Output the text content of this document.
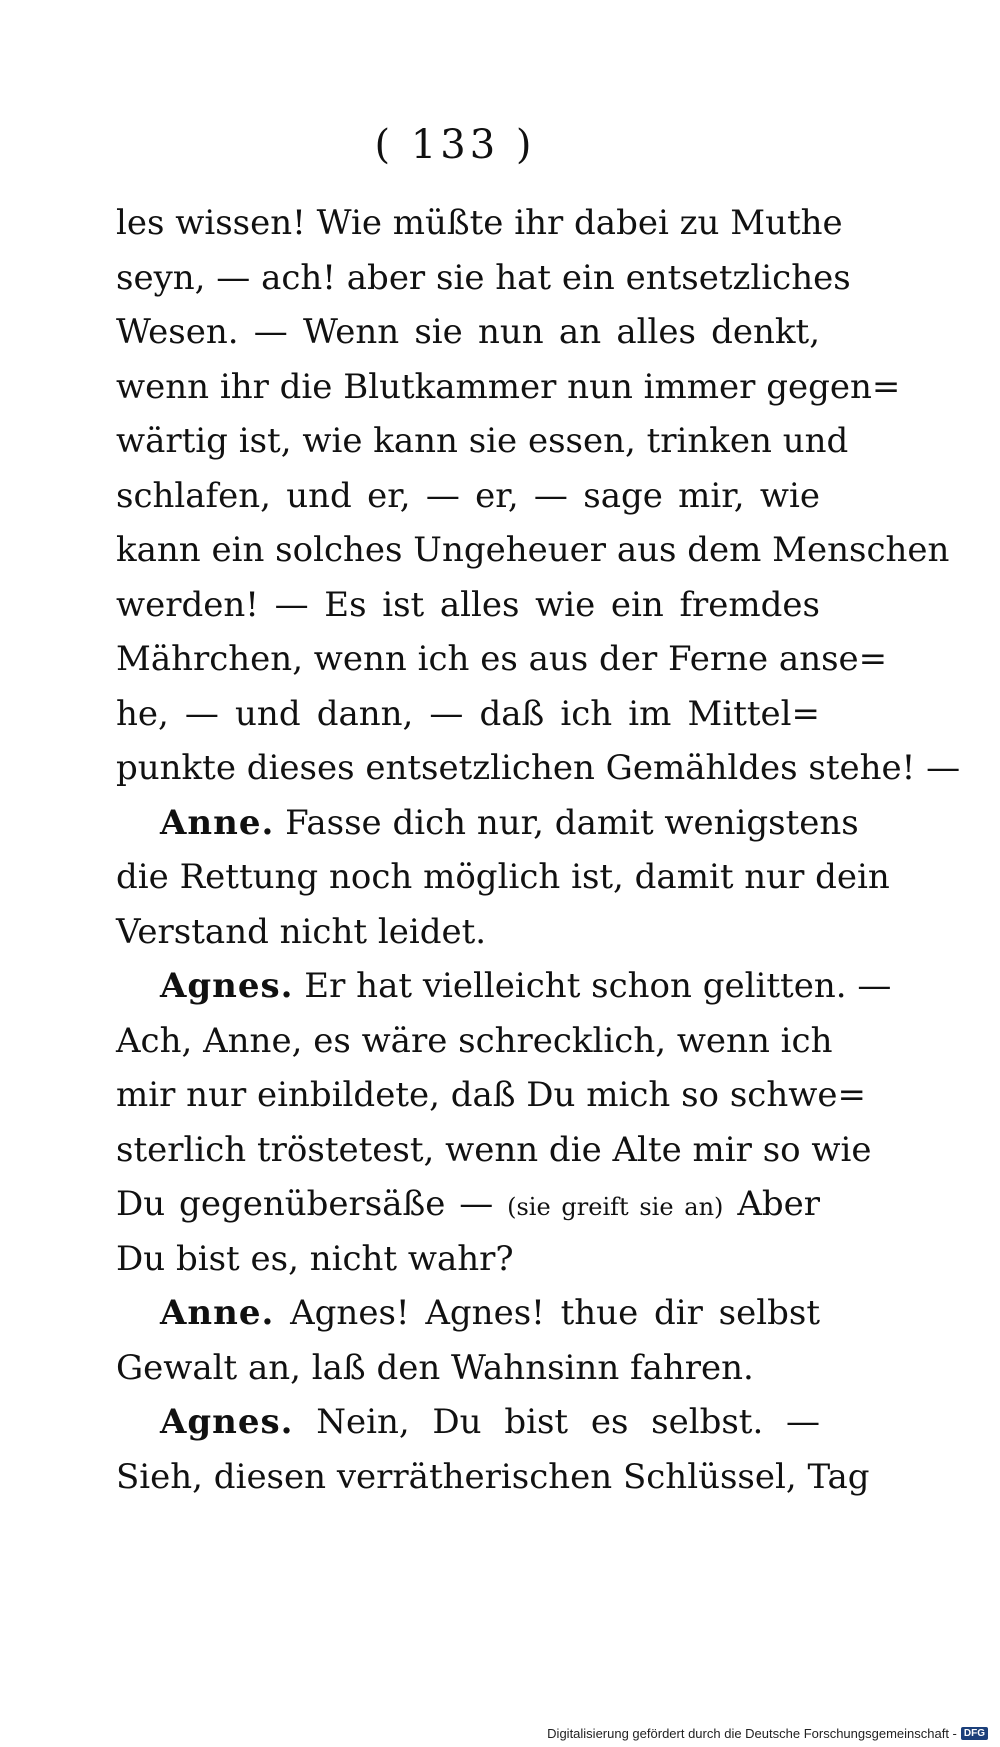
( 133 )
les wissen! Wie müßte ihr dabei zu Muthe
seyn, — ach! aber sie hat ein entsetzliches
Wesen. — Wenn sie nun an alles denkt,
wenn ihr die Blutkammer nun immer gegen=
wärtig ist, wie kann sie essen, trinken und
schlafen, und er, — er, — sage mir, wie
kann ein solches Ungeheuer aus dem Menschen
werden! — Es ist alles wie ein fremdes
Mährchen, wenn ich es aus der Ferne anse=
he, — und dann, — daß ich im Mittel=
punkte dieses entsetzlichen Gemähldes stehe! —
Anne. Fasse dich nur, damit wenigstens
die Rettung noch möglich ist, damit nur dein
Verstand nicht leidet.
Agnes. Er hat vielleicht schon gelitten. —
Ach, Anne, es wäre schrecklich, wenn ich
mir nur einbildete, daß Du mich so schwe=
sterlich tröstetest, wenn die Alte mir so wie
Du gegenübersäße — (sie greift sie an) Aber
Du bist es, nicht wahr?
Anne. Agnes! Agnes! thue dir selbst
Gewalt an, laß den Wahnsinn fahren.
Agnes. Nein, Du bist es selbst. —
Sieh, diesen verrätherischen Schlüssel, Tag
Digitalisierung gefördert durch die Deutsche Forschungsgemeinschaft - DFG
